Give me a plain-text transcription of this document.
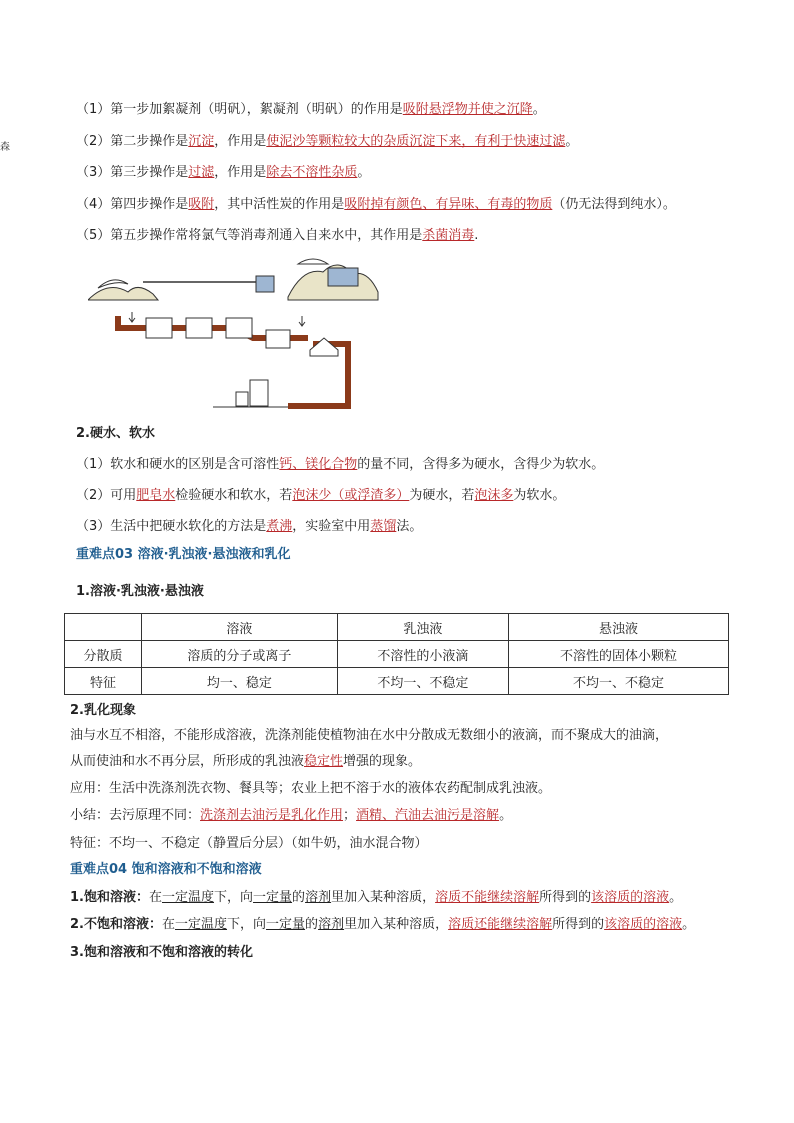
森
（1）第一步加絮凝剂（明矾），絮凝剂（明矾）的作用是吸附悬浮物并使之沉降。
（2）第二步操作是沉淀，作用是使泥沙等颗粒较大的杂质沉淀下来，有利于快速过滤。
（3）第三步操作是过滤，作用是除去不溶性杂质。
（4）第四步操作是吸附，其中活性炭的作用是吸附掉有颜色、有异味、有毒的物质（仍无法得到纯水）。
（5）第五步操作常将氯气等消毒剂通入自来水中，其作用是杀菌消毒.
2.硬水、软水
（1）软水和硬水的区别是含可溶性钙、镁化合物的量不同，含得多为硬水，含得少为软水。
（2）可用肥皂水检验硬水和软水，若泡沫少（或浮渣多）为硬水，若泡沫多为软水。
（3）生活中把硬水软化的方法是煮沸，实验室中用蒸馏法。
重难点03 溶液·乳浊液·悬浊液和乳化
1.溶液·乳浊液·悬浊液
	溶液	乳浊液	悬浊液
分散质	溶质的分子或离子	不溶性的小液滴	不溶性的固体小颗粒
特征	均一、稳定	不均一、不稳定	不均一、不稳定
2.乳化现象
油与水互不相溶，不能形成溶液，洗涤剂能使植物油在水中分散成无数细小的液滴，而不聚成大的油滴，
从而使油和水不再分层，所形成的乳浊液稳定性增强的现象。
应用：生活中洗涤剂洗衣物、餐具等；农业上把不溶于水的液体农药配制成乳浊液。
小结：去污原理不同：洗涤剂去油污是乳化作用；酒精、汽油去油污是溶解。
特征：不均一、不稳定（静置后分层）（如牛奶，油水混合物）
重难点04 饱和溶液和不饱和溶液
1.饱和溶液：在一定温度下，向一定量的溶剂里加入某种溶质，溶质不能继续溶解所得到的该溶质的溶液。
2.不饱和溶液：在一定温度下，向一定量的溶剂里加入某种溶质，溶质还能继续溶解所得到的该溶质的溶液。
3.饱和溶液和不饱和溶液的转化
